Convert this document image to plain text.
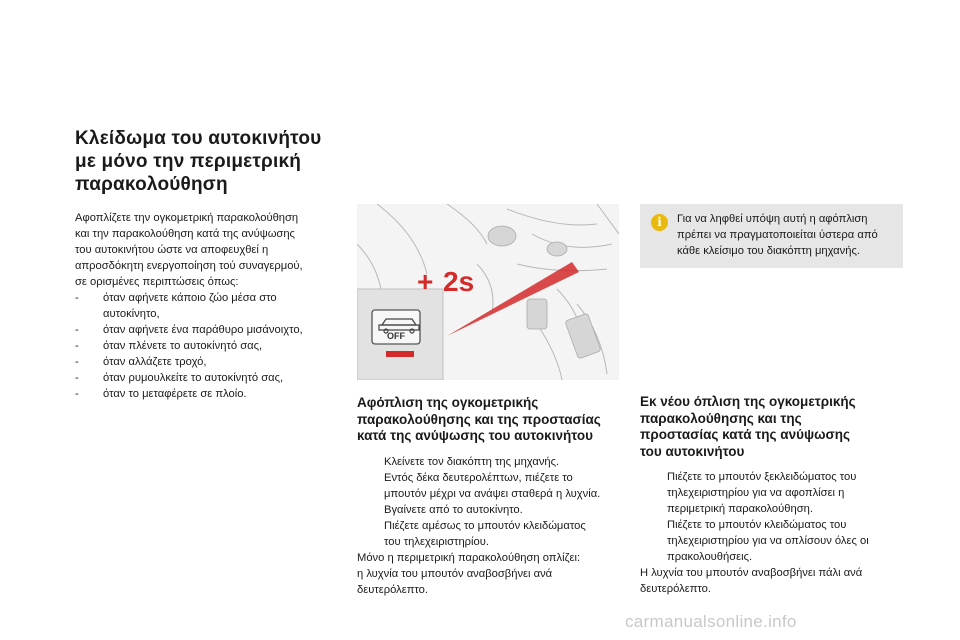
Κλείδωμα του αυτοκινήτου
με μόνο την περιμετρική
παρακολούθηση
Αφοπλίζετε την ογκομετρική παρακολούθηση
και την παρακολούθηση κατά της ανύψωσης
του αυτοκινήτου ώστε να αποφευχθεί η
απροσδόκητη ενεργοποίηση τού συναγερμού,
σε ορισμένες περιπτώσεις όπως:
- όταν αφήνετε κάποιο ζώο μέσα στο
αυτοκίνητο,
- όταν αφήνετε ένα παράθυρο μισάνοιχτο,
- όταν πλένετε το αυτοκίνητό σας,
- όταν αλλάζετε τροχό,
- όταν ρυμουλκείτε το αυτοκίνητό σας,
- όταν το μεταφέρετε σε πλοίο.
+ 2s
OFF
Αφόπλιση της ογκομετρικής
παρακολούθησης και της προστασίας
κατά της ανύψωσης του αυτοκινήτου
Κλείνετε τον διακόπτη της μηχανής.
Εντός δέκα δευτερολέπτων, πιέζετε το
μπουτόν μέχρι να ανάψει σταθερά η λυχνία.
Βγαίνετε από το αυτοκίνητο.
Πιέζετε αμέσως το μπουτόν κλειδώματος
του τηλεχειριστηρίου.
Μόνο η περιμετρική παρακολούθηση οπλίζει:
η λυχνία του μπουτόν αναβοσβήνει ανά
δευτερόλεπτο.
i	Για να ληφθεί υπόψη αυτή η αφόπλιση
πρέπει να πραγματοποιείται ύστερα από
κάθε κλείσιμο του διακόπτη μηχανής.
Εκ νέου όπλιση της ογκομετρικής
παρακολούθησης και της
προστασίας κατά της ανύψωσης
του αυτοκινήτου
Πιέζετε το μπουτόν ξεκλειδώματος του
τηλεχειριστηρίου για να αφοπλίσει η
περιμετρική παρακολούθηση.
Πιέζετε το μπουτόν κλειδώματος του
τηλεχειριστηρίου για να οπλίσουν όλες οι
πρακολουθήσεις.
Η λυχνία του μπουτόν αναβοσβήνει πάλι ανά
δευτερόλεπτο.
carmanualsonline.info
